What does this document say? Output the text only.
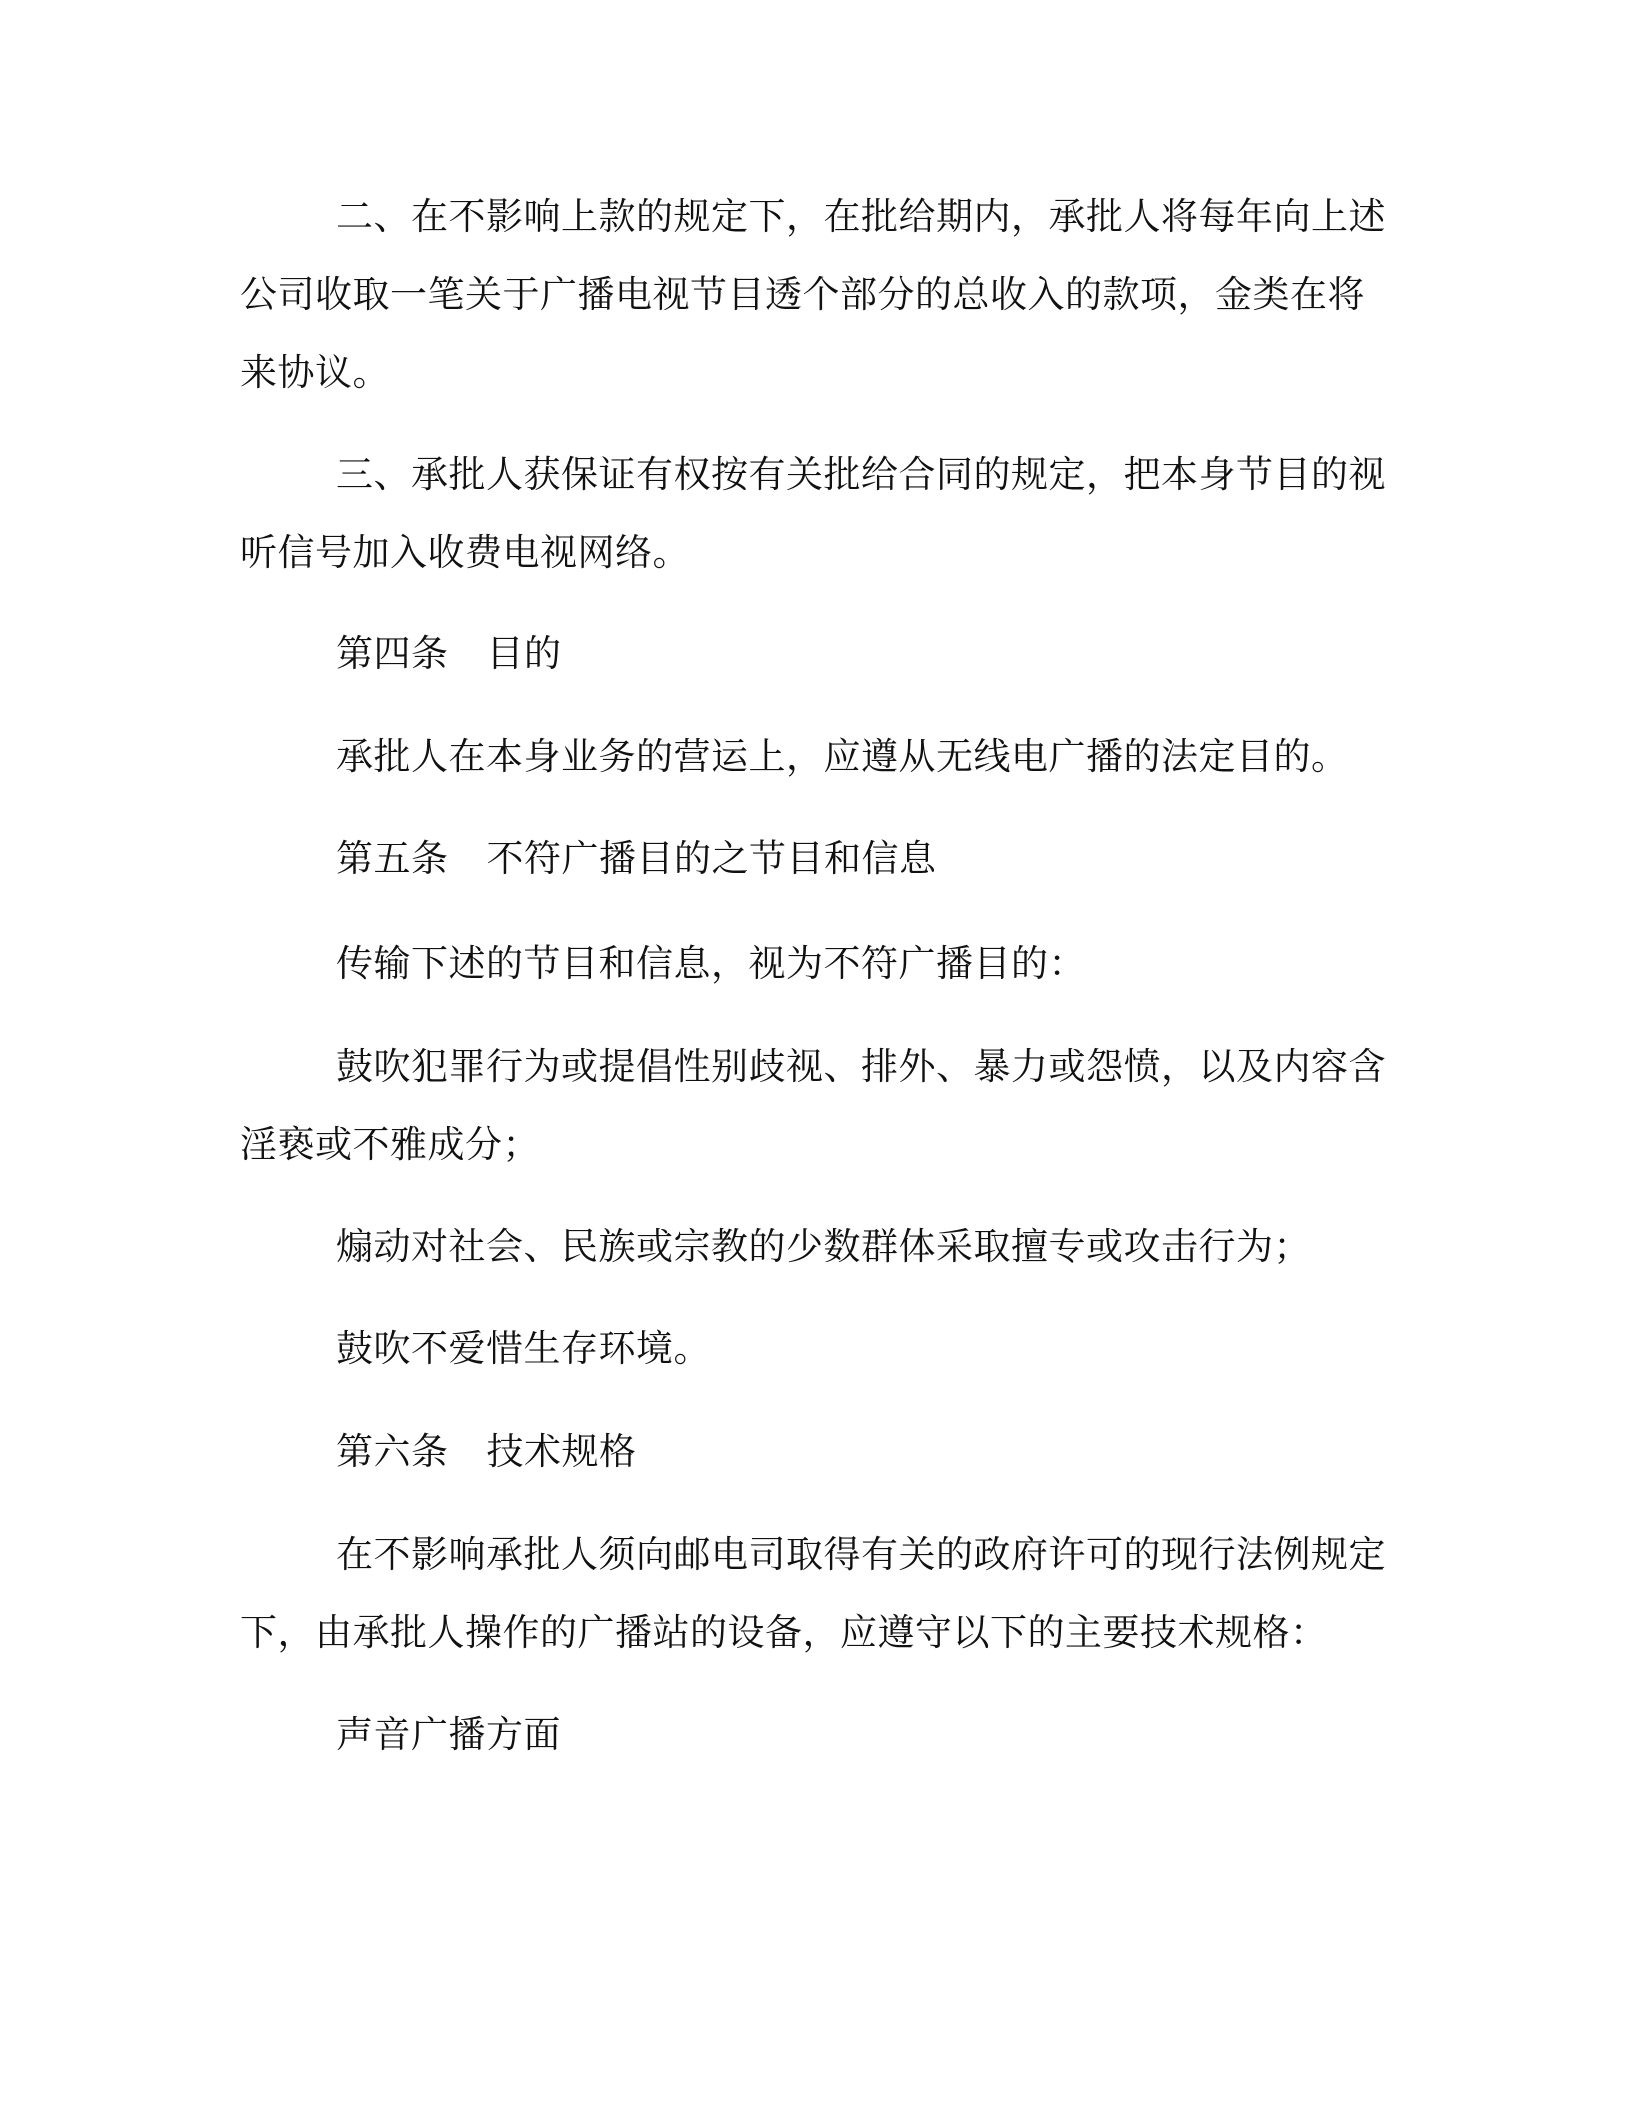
二、在不影响上款的规定下，在批给期内，承批人将每年向上述
公司收取一笔关于广播电视节目透个部分的总收入的款项，金类在将
来协议。

三、承批人获保证有权按有关批给合同的规定，把本身节目的视
听信号加入收费电视网络。

第四条 目的

承批人在本身业务的营运上，应遵从无线电广播的法定目的。

第五条 不符广播目的之节目和信息

传输下述的节目和信息，视为不符广播目的：

鼓吹犯罪行为或提倡性别歧视、排外、暴力或怨愤，以及内容含
淫亵或不雅成分；

煽动对社会、民族或宗教的少数群体采取擅专或攻击行为；

鼓吹不爱惜生存环境。

第六条 技术规格

在不影响承批人须向邮电司取得有关的政府许可的现行法例规定
下，由承批人操作的广播站的设备，应遵守以下的主要技术规格：

声音广播方面
